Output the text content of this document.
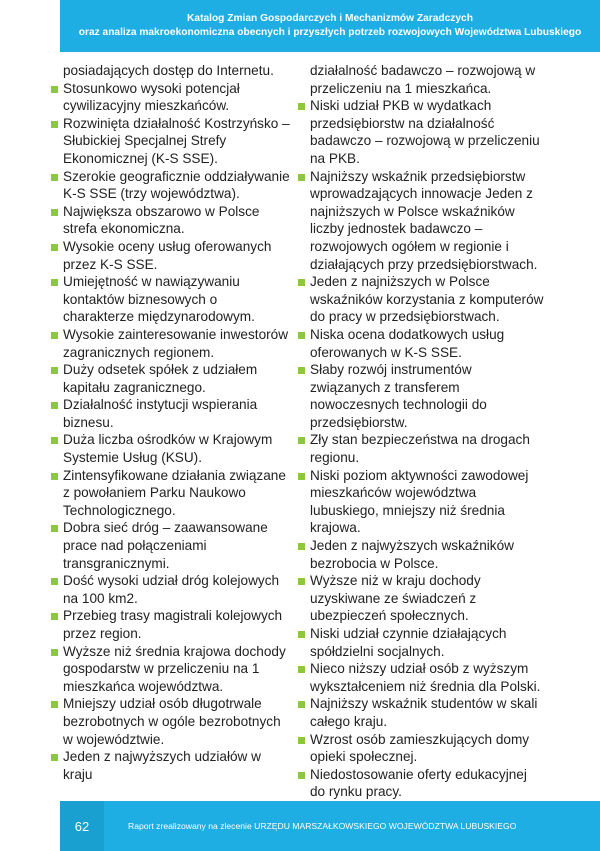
Katalog Zmian Gospodarczych i Mechanizmów Zaradczych
oraz analiza makroekonomiczna obecnych i przyszłych potrzeb rozwojowych Województwa Lubuskiego
posiadających dostęp do Internetu.
Stosunkowo wysoki potencjał cywilizacyjny mieszkańców.
Rozwinięta działalność Kostrzyńsko – Słubickiej Specjalnej Strefy Ekonomicznej (K-S SSE).
Szerokie geograficznie oddziaływanie K-S SSE (trzy województwa).
Największa obszarowo w Polsce strefa ekonomiczna.
Wysokie oceny usług oferowanych przez K-S SSE.
Umiejętność w nawiązywaniu kontaktów biznesowych o charakterze międzynarodowym.
Wysokie zainteresowanie inwestorów zagranicznych regionem.
Duży odsetek spółek z udziałem kapitału zagranicznego.
Działalność instytucji wspierania biznesu.
Duża liczba ośrodków w Krajowym Systemie Usług (KSU).
Zintensyfikowane działania związane z powołaniem Parku Naukowo Technologicznego.
Dobra sieć dróg – zaawansowane prace nad połączeniami transgranicznymi.
Dość wysoki udział dróg kolejowych na 100 km2.
Przebieg trasy magistrali kolejowych przez region.
Wyższe niż średnia krajowa dochody gospodarstw w przeliczeniu na 1 mieszkańca województwa.
Mniejszy udział osób długotrwale bezrobotnych w ogóle bezrobotnych w województwie.
Jeden z najwyższych udziałów w kraju
działalność badawczo – rozwojową w przeliczeniu na 1 mieszkańca.
Niski udział PKB w wydatkach przedsiębiorstw na działalność badawczo – rozwojową w przeliczeniu na PKB.
Najniższy wskaźnik przedsiębiorstw wprowadzających innowacje Jeden z najniższych w Polsce wskaźników liczby jednostek badawczo – rozwojowych ogółem w regionie i działających przy przedsiębiorstwach.
Jeden z najniższych w Polsce wskaźników korzystania z komputerów do pracy w przedsiębiorstwach.
Niska ocena dodatkowych usług oferowanych w K-S SSE.
Słaby rozwój instrumentów związanych z transferem nowoczesnych technologii do przedsiębiorstw.
Zły stan bezpieczeństwa na drogach regionu.
Niski poziom aktywności zawodowej mieszkańców województwa lubuskiego, mniejszy niż średnia krajowa.
Jeden z najwyższych wskaźników bezrobocia w Polsce.
Wyższe niż w kraju dochody uzyskiwane ze świadczeń z ubezpieczeń społecznych.
Niski udział czynnie działających spółdzielni socjalnych.
Nieco niższy udział osób z wyższym wykształceniem niż średnia dla Polski.
Najniższy wskaźnik studentów w skali całego kraju.
Wzrost osób zamieszkujących domy opieki społecznej.
Niedostosowanie oferty edukacyjnej do rynku pracy.
62	Raport zrealizowany na zlecenie URZĘDU MARSZAŁKOWSKIEGO WOJEWÓDZTWA LUBUSKIEGO
